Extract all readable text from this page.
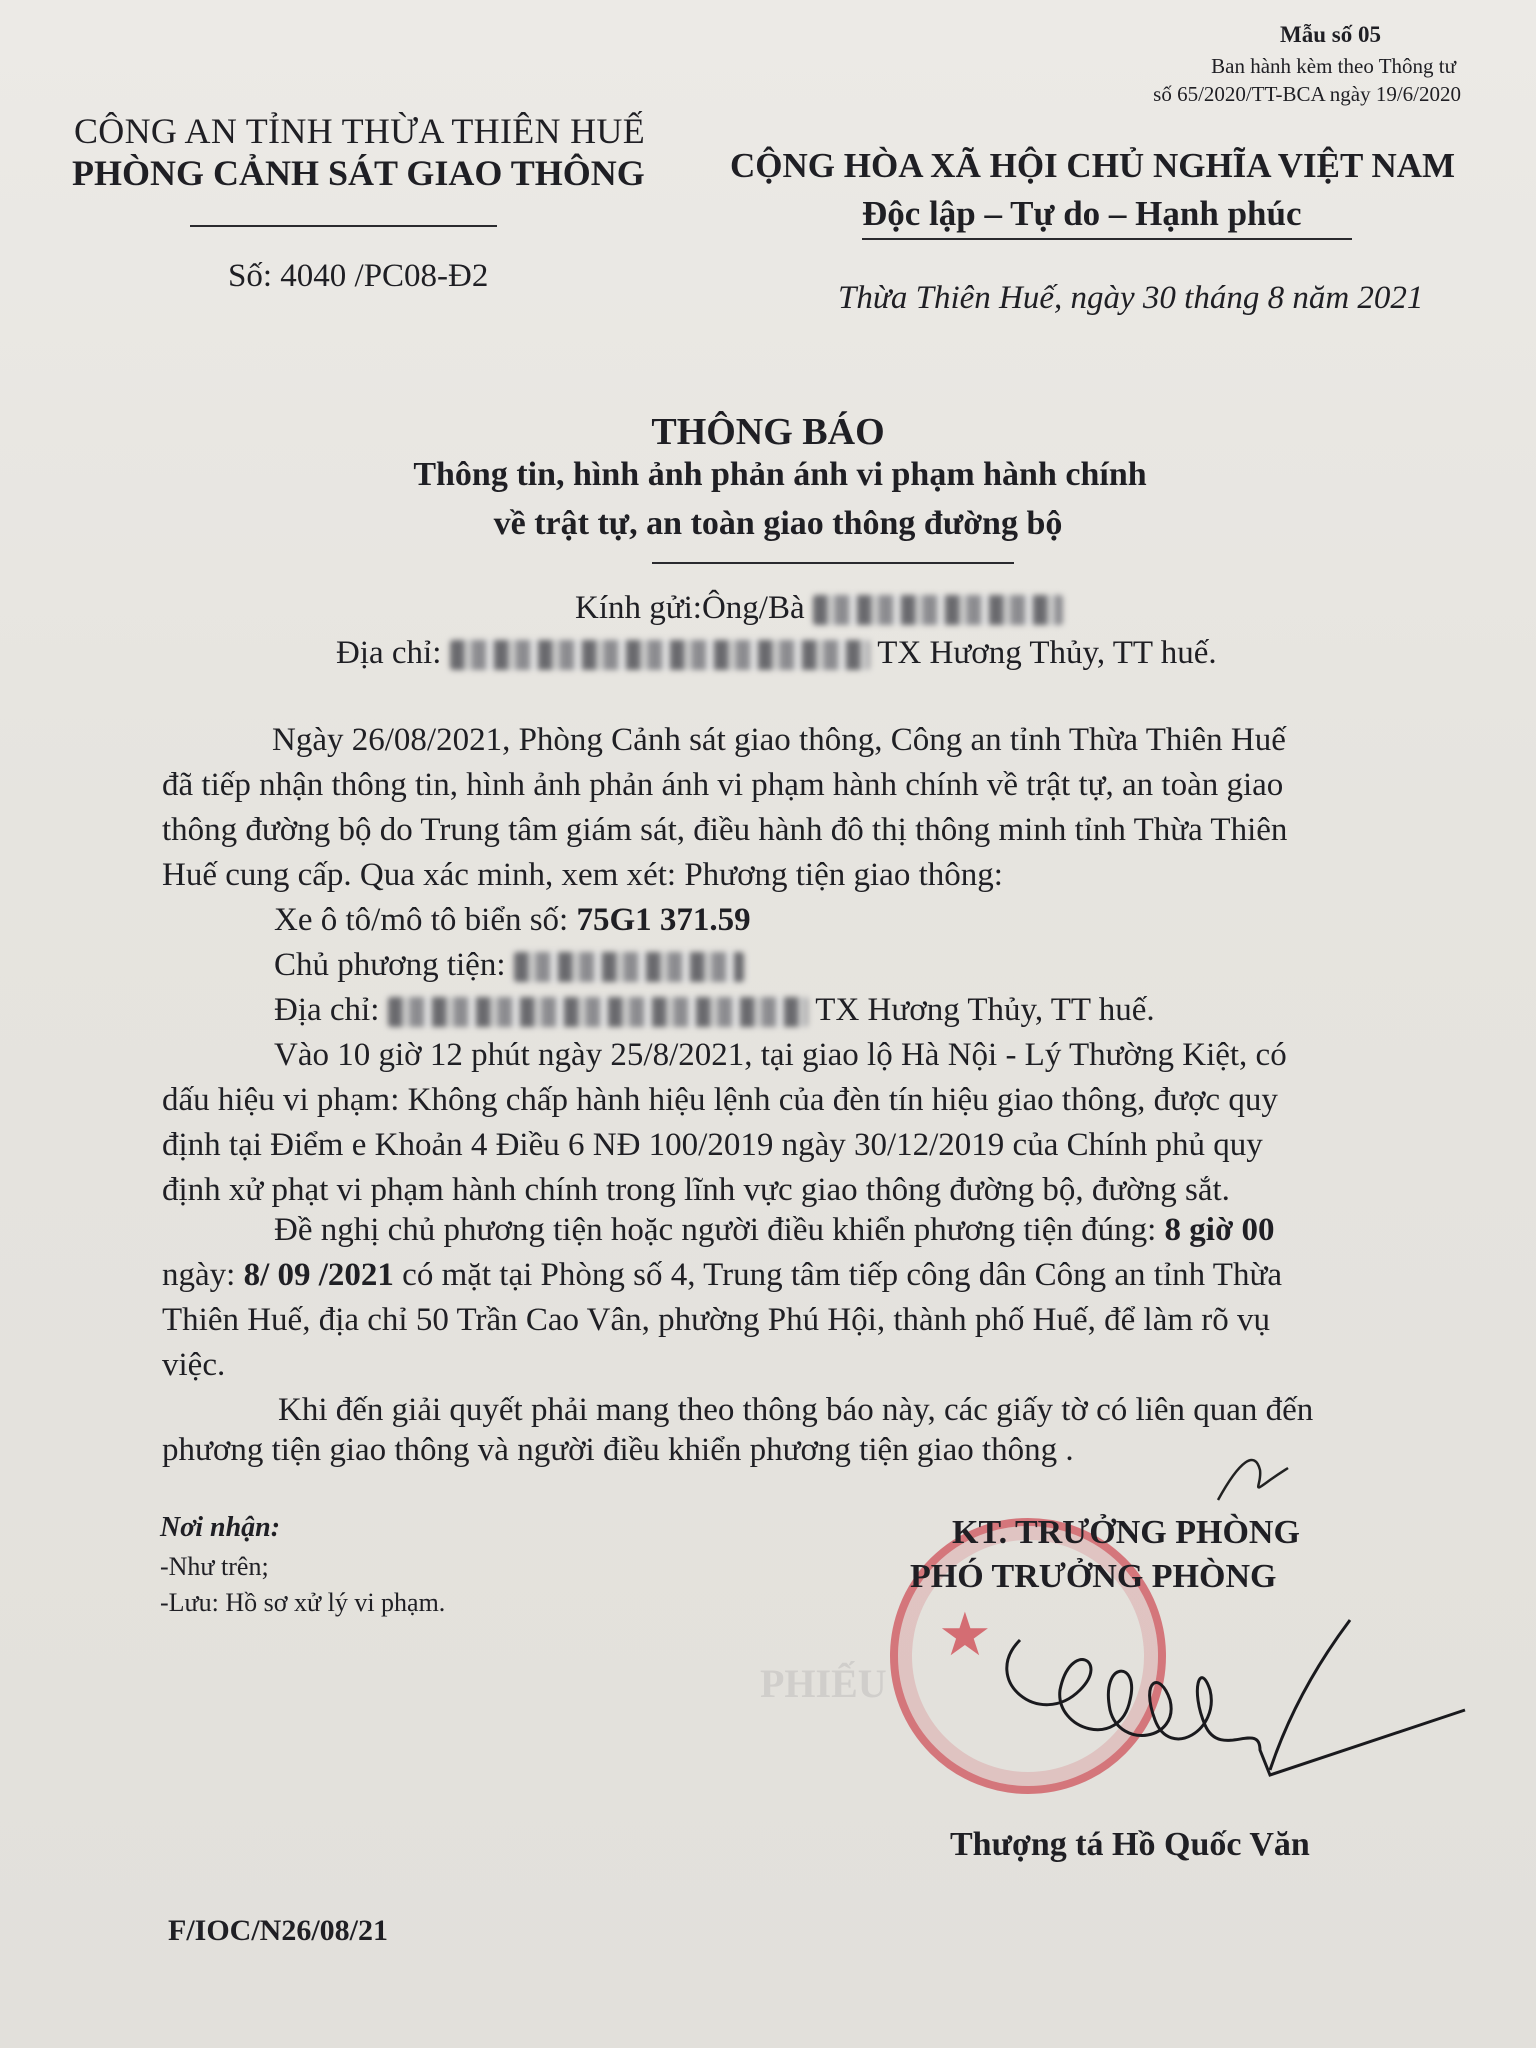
PHIẾU
Mẫu số 05
Ban hành kèm theo Thông tư
số 65/2020/TT-BCA ngày 19/6/2020
CÔNG AN TỈNH THỪA THIÊN HUẾ
PHÒNG CẢNH SÁT GIAO THÔNG
Số: 4040 /PC08-Đ2
CỘNG HÒA XÃ HỘI CHỦ NGHĨA VIỆT NAM
Độc lập – Tự do – Hạnh phúc
Thừa Thiên Huế, ngày 30 tháng 8 năm 2021
THÔNG BÁO
Thông tin, hình ảnh phản ánh vi phạm hành chính
về trật tự, an toàn giao thông đường bộ
Kính gửi:Ông/Bà
Địa chỉ:	TX Hương Thủy, TT huế.
Ngày 26/08/2021, Phòng Cảnh sát giao thông, Công an tỉnh Thừa Thiên Huế
đã tiếp nhận thông tin, hình ảnh phản ánh vi phạm hành chính về trật tự, an toàn giao
thông đường bộ do Trung tâm giám sát, điều hành đô thị thông minh tỉnh Thừa Thiên
Huế cung cấp. Qua xác minh, xem xét: Phương tiện giao thông:
Xe ô tô/mô tô biển số: 75G1 371.59
Chủ phương tiện:
Địa chỉ:	TX Hương Thủy, TT huế.
Vào 10 giờ 12 phút ngày 25/8/2021, tại giao lộ Hà Nội - Lý Thường Kiệt, có
dấu hiệu vi phạm: Không chấp hành hiệu lệnh của đèn tín hiệu giao thông, được quy
định tại Điểm e Khoản 4 Điều 6 NĐ 100/2019 ngày 30/12/2019 của Chính phủ quy
định xử phạt vi phạm hành chính trong lĩnh vực giao thông đường bộ, đường sắt.
Đề nghị chủ phương tiện hoặc người điều khiển phương tiện đúng: 8 giờ 00
ngày: 8/ 09 /2021 có mặt tại Phòng số 4, Trung tâm tiếp công dân Công an tỉnh Thừa
Thiên Huế, địa chỉ 50 Trần Cao Vân, phường Phú Hội, thành phố Huế, để làm rõ vụ
việc.
Khi đến giải quyết phải mang theo thông báo này, các giấy tờ có liên quan đến
phương tiện giao thông và người điều khiển phương tiện giao thông .
Nơi nhận:
-Như trên;
-Lưu: Hồ sơ xử lý vi phạm.	★
KT. TRƯỞNG PHÒNG
PHÓ TRƯỞNG PHÒNG
Thượng tá Hồ Quốc Văn
F/IOC/N26/08/21
